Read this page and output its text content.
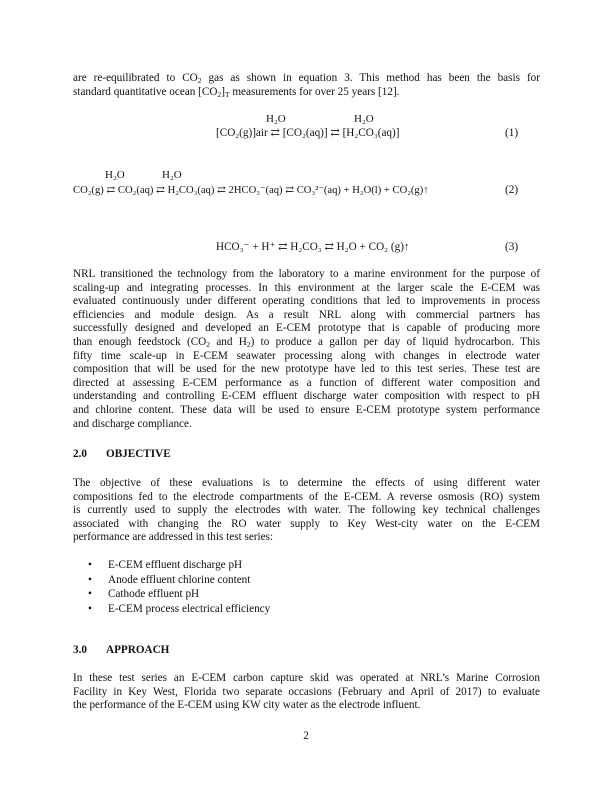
are re-equilibrated to $CO_2$ gas as shown in equation 3. This method has been the basis for
standard quantitative ocean $[CO_2]_T$ measurements for over 25 years [12].
H₂O	H₂O
[CO₂(g)]air ⇄ [CO₂(aq)] ⇄ [H₂CO₃(aq)]	(1)
H₂O	H₂O
CO₂(g) ⇄ CO₂(aq) ⇄ H₂CO₃(aq) ⇄ 2HCO₃⁻(aq) ⇄ CO₃²⁻(aq) + H₂O(l) + CO₂(g)↑	(2)
HCO₃⁻ + H⁺ ⇄ H₂CO₃ ⇄ H₂O + CO₂ (g)↑	(3)
NRL transitioned the technology from the laboratory to a marine environment for the purpose of
scaling-up and integrating processes. In this environment at the larger scale the E-CEM was
evaluated continuously under different operating conditions that led to improvements in process
efficiencies and module design. As a result NRL along with commercial partners has
successfully designed and developed an E-CEM prototype that is capable of producing more
than enough feedstock ($CO_2$ and $H_2$) to produce a gallon per day of liquid hydrocarbon. This
fifty time scale-up in E-CEM seawater processing along with changes in electrode water
composition that will be used for the new prototype have led to this test series. These test are
directed at assessing E-CEM performance as a function of different water composition and
understanding and controlling E-CEM effluent discharge water composition with respect to pH
and chlorine content. These data will be used to ensure E-CEM prototype system performance
and discharge compliance.
2.0 OBJECTIVE
The objective of these evaluations is to determine the effects of using different water
compositions fed to the electrode compartments of the E-CEM. A reverse osmosis (RO) system
is currently used to supply the electrodes with water. The following key technical challenges
associated with changing the RO water supply to Key West-city water on the E-CEM
performance are addressed in this test series:
• E-CEM effluent discharge pH
• Anode effluent chlorine content
• Cathode effluent pH
• E-CEM process electrical efficiency
3.0 APPROACH
In these test series an E-CEM carbon capture skid was operated at NRL’s Marine Corrosion
Facility in Key West, Florida two separate occasions (February and April of 2017) to evaluate
the performance of the E-CEM using KW city water as the electrode influent.
2
